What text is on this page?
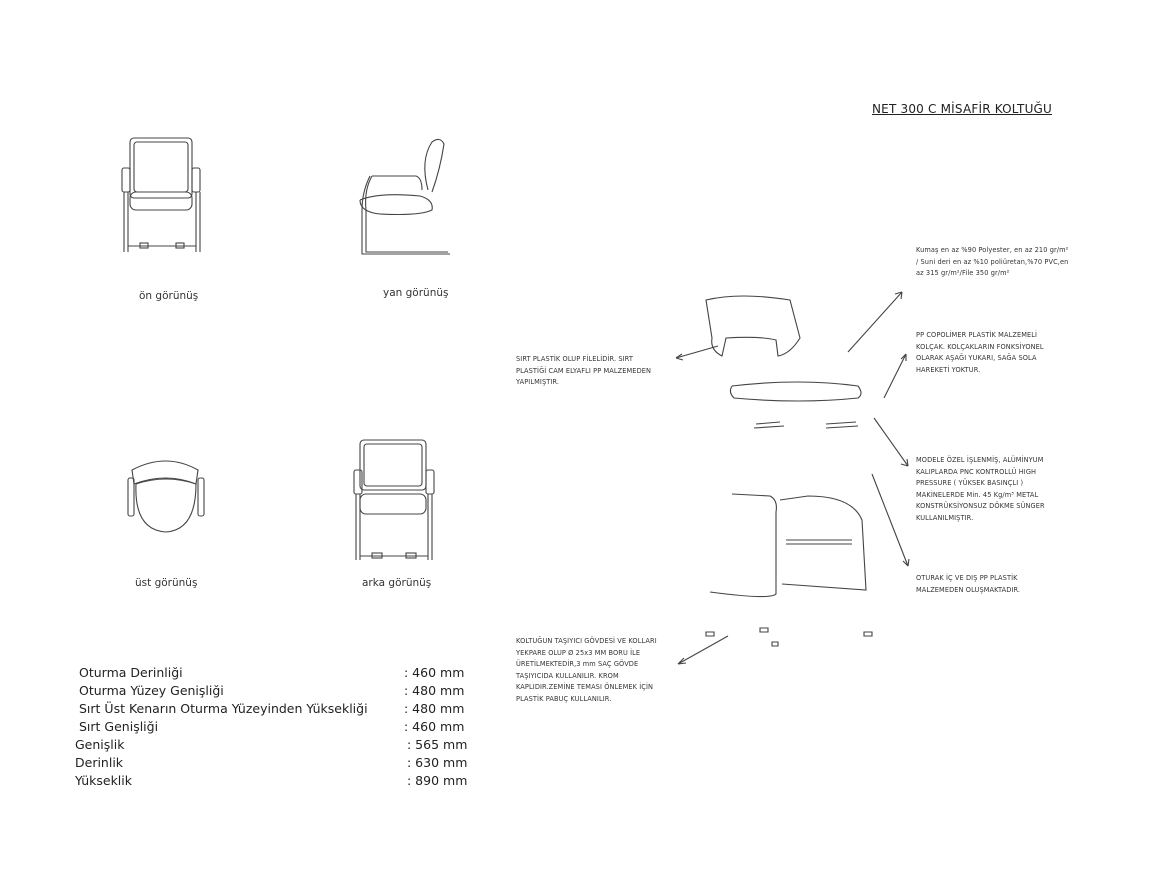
NET 300 C MİSAFİR KOLTUĞU
ön görünüş	yan görünüş
üst görünüş	arka görünüş
SIRT PLASTİK OLUP FİLELİDİR. SIRT
PLASTİĞİ CAM ELYAFLI PP MALZEMEDEN
YAPILMIŞTIR.
Kumaş en az %90 Polyester, en az 210 gr/m²
/ Suni deri en az %10 poliüretan,%70 PVC,en
az 315 gr/m²/File 350 gr/m²
PP COPOLİMER PLASTİK MALZEMELİ
KOLÇAK. KOLÇAKLARIN FONKSİYONEL
OLARAK AŞAĞI YUKARI, SAĞA SOLA
HAREKETİ YOKTUR.
MODELE ÖZEL İŞLENMİŞ, ALÜMİNYUM
KALIPLARDA PNC KONTROLLÜ HIGH
PRESSURE ( YÜKSEK BASINÇLI )
MAKİNELERDE Min. 45 Kg/m³ METAL
KONSTRÜKSİYONSUZ DÖKME SÜNGER
KULLANILMIŞTIR.
OTURAK İÇ VE DIŞ PP PLASTİK
MALZEMEDEN OLUŞMAKTADIR.
KOLTUĞUN TAŞIYICI GÖVDESİ VE KOLLARI
YEKPARE OLUP Ø 25x3 MM BORU İLE
ÜRETİLMEKTEDİR,3 mm SAÇ GÖVDE
TAŞIYICIDA KULLANILIR. KROM
KAPLIDIR.ZEMİNE TEMASI ÖNLEMEK İÇİN
PLASTİK PABUÇ KULLANILIR.
Oturma Derinliği	: 460 mm
Oturma Yüzey Genişliği	: 480 mm
Sırt Üst Kenarın Oturma Yüzeyinden Yüksekliği	: 480 mm
Sırt Genişliği	: 460 mm
Genişlik	: 565 mm
Derinlik	: 630 mm
Yükseklik	: 890 mm
